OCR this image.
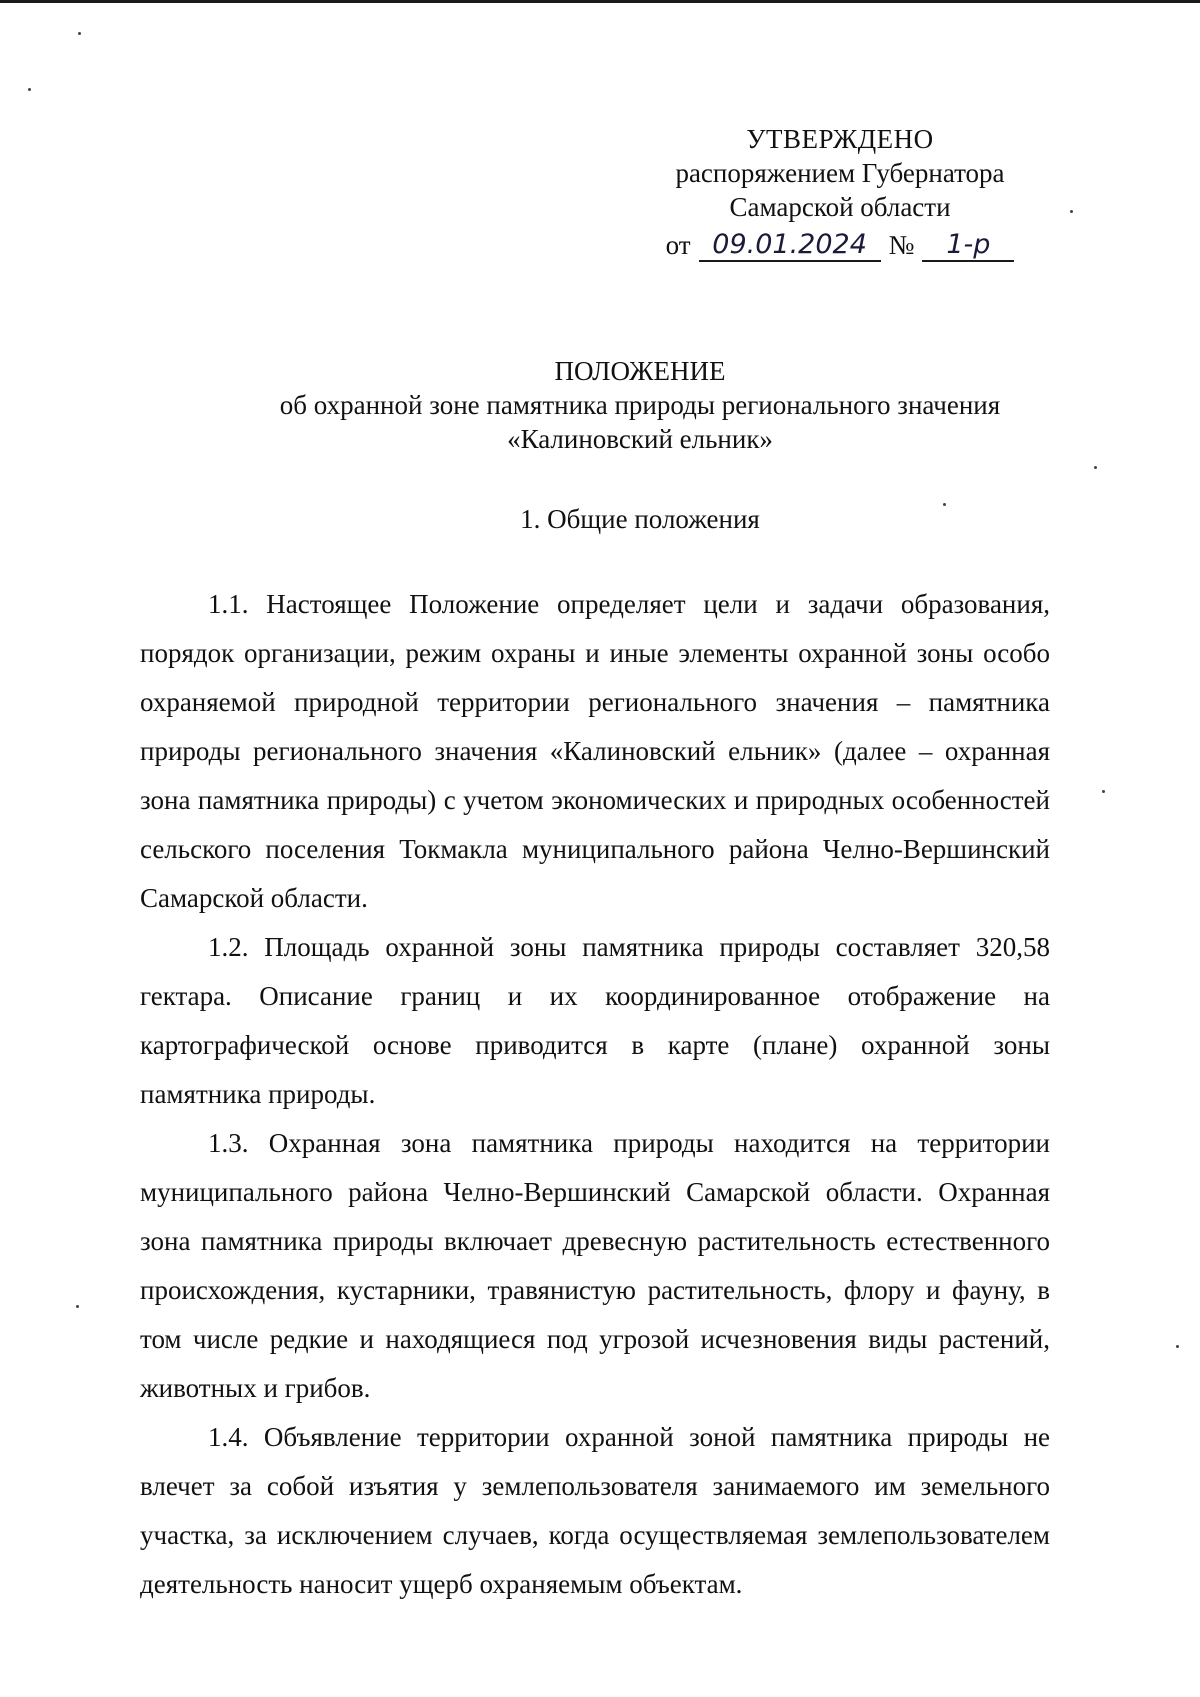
УТВЕРЖДЕНО
распоряжением Губернатора
Самарской области
от 09.01.2024 №	1-р
ПОЛОЖЕНИЕ
об охранной зоне памятника природы регионального значения
«Калиновский ельник»
1. Общие положения

1.1. Настоящее Положение определяет цели и задачи образования, порядок организации, режим охраны и иные элементы охранной зоны особо охраняемой природной территории регионального значения – памятника природы регионального значения «Калиновский ельник» (далее – охранная зона памятника природы) с учетом экономических и природных особенностей сельского поселения Токмакла муниципального района Челно-Вершинский Самарской области.

1.2. Площадь охранной зоны памятника природы составляет 320,58 гектара. Описание границ и их координированное отображение на картографической основе приводится в карте (плане) охранной зоны памятника природы.

1.3. Охранная зона памятника природы находится на территории муниципального района Челно-Вершинский Самарской области. Охранная зона памятника природы включает древесную растительность естественного происхождения, кустарники, травянистую растительность, флору и фауну, в том числе редкие и находящиеся под угрозой исчезновения виды растений, животных и грибов.

1.4. Объявление территории охранной зоной памятника природы не влечет за собой изъятия у землепользователя занимаемого им земельного участка, за исключением случаев, когда осуществляемая землепользователем деятельность наносит ущерб охраняемым объектам.
